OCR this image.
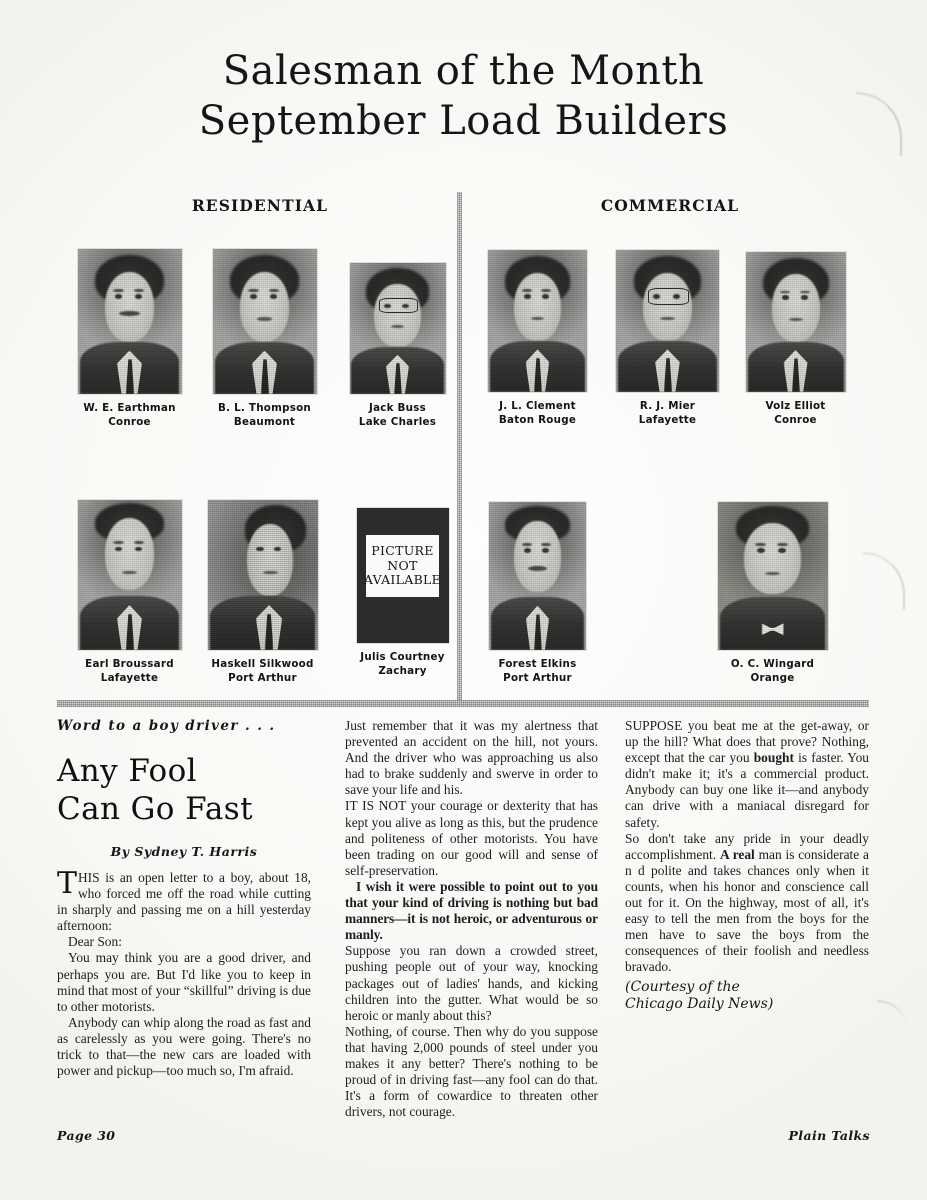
Salesman of the Month
September Load Builders
RESIDENTIAL	COMMERCIAL
W. E. Earthman
Conroe
B. L. Thompson
Beaumont
Jack Buss
Lake Charles
J. L. Clement
Baton Rouge
R. J. Mier
Lafayette
Volz Elliot
Conroe
Earl Broussard
Lafayette
Haskell Silkwood
Port Arthur
PICTURE
NOT
AVAILABLE
Julis Courtney
Zachary
Forest Elkins
Port Arthur
O. C. Wingard
Orange
Word to a boy driver . . .
Any Fool
Can Go Fast
By Sydney T. Harris

THIS is an open letter to a boy, about 18, who forced me off the road while cutting in sharply and passing me on a hill yesterday afternoon:

Dear Son:

You may think you are a good driver, and perhaps you are. But I'd like you to keep in mind that most of your “skillful” driving is due to other motorists.

Anybody can whip along the road as fast and as carelessly as you were going. There's no trick to that—the new cars are loaded with power and pickup—too much so, I'm afraid.

Just remember that it was my alertness that prevented an accident on the hill, not yours. And the driver who was approaching us also had to brake suddenly and swerve in order to save your life and his.

IT IS NOT your courage or dexterity that has kept you alive as long as this, but the prudence and politeness of other motorists. You have been trading on our good will and sense of self-preservation.

I wish it were possible to point out to you that your kind of driving is nothing but bad manners—it is not heroic, or adventurous or manly.

Suppose you ran down a crowded street, pushing people out of your way, knocking packages out of ladies' hands, and kicking children into the gutter. What would be so heroic or manly about this?

Nothing, of course. Then why do you suppose that having 2,000 pounds of steel under you makes it any better? There's nothing to be proud of in driving fast—any fool can do that. It's a form of cowardice to threaten other drivers, not courage.

SUPPOSE you beat me at the get-away, or up the hill? What does that prove? Nothing, except that the car you bought is faster. You didn't make it; it's a commercial product. Anybody can buy one like it—and anybody can drive with a maniacal disregard for safety.

So don't take any pride in your deadly accomplishment. A real man is considerate a n d polite and takes chances only when it counts, when his honor and conscience call out for it. On the highway, most of all, it's easy to tell the men from the boys for the men have to save the boys from the consequences of their foolish and needless bravado.

(Courtesy of the
Chicago Daily News)
Page 30	Plain Talks
